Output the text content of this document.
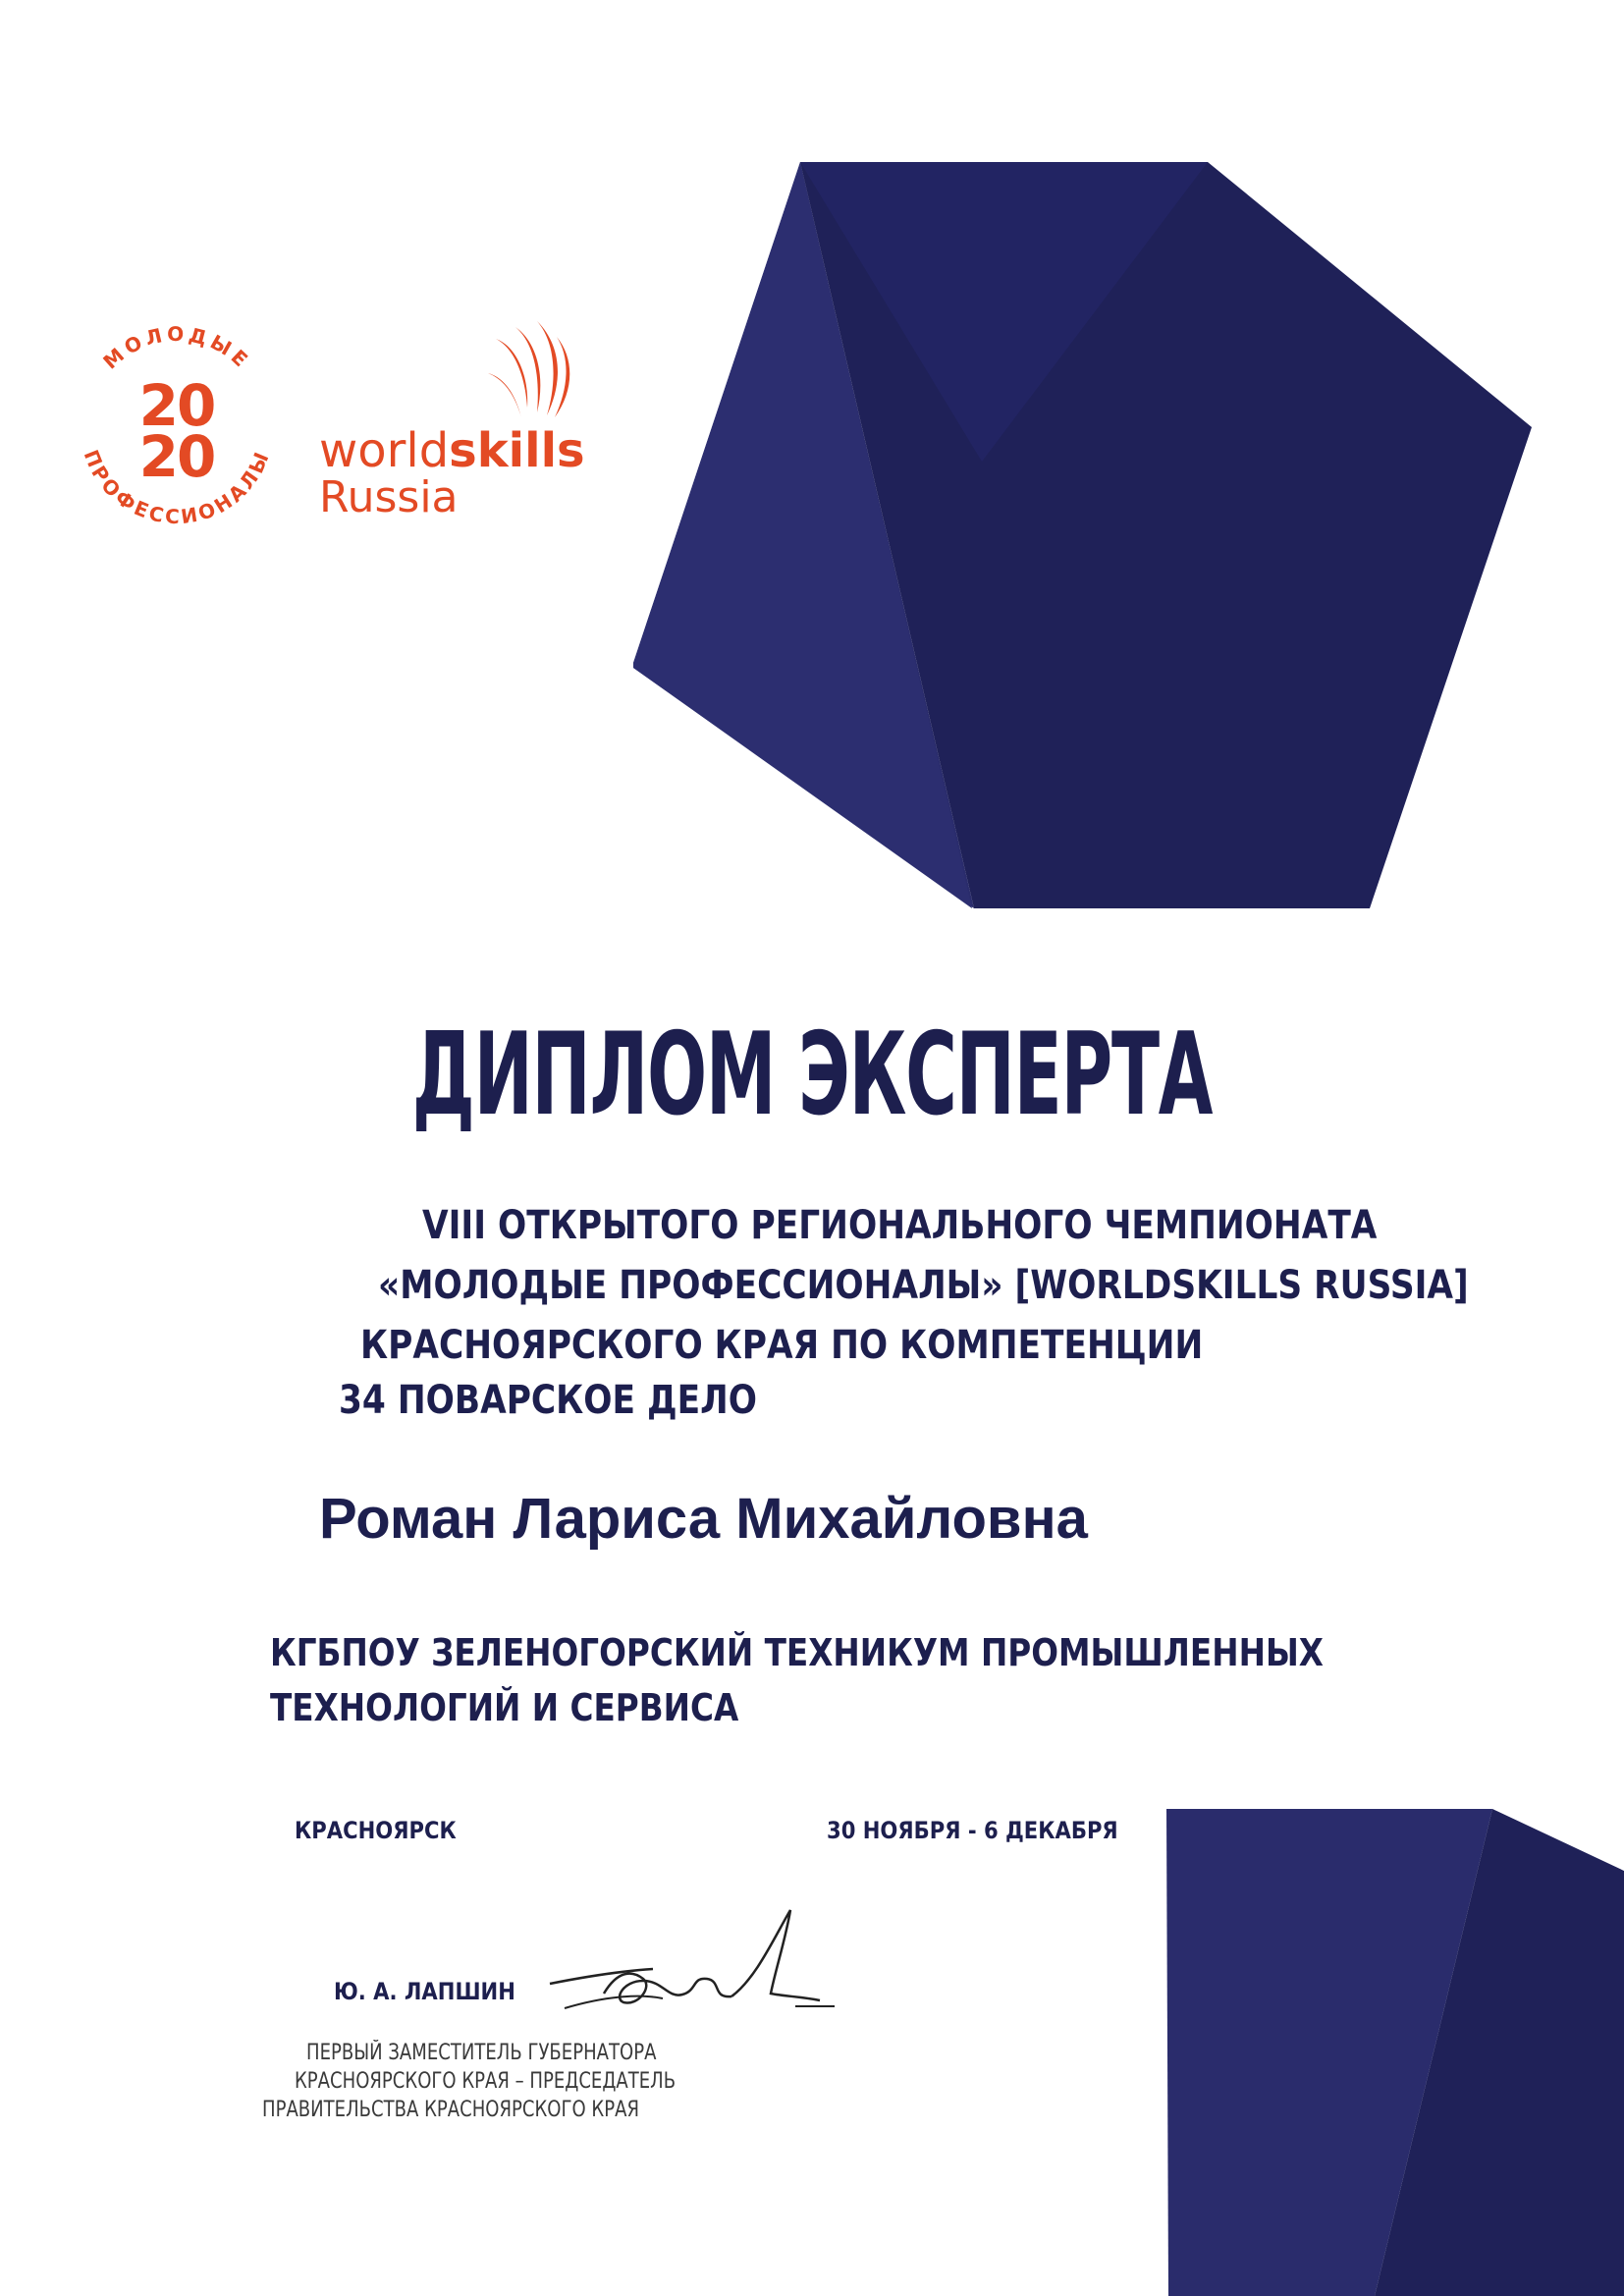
МОЛОДЫЕ
ПРОФЕССИОНАЛЫ
20
20 worldskills
Russia
ДИПЛОМ ЭКСПЕРТА
VIII ОТКРЫТОГО РЕГИОНАЛЬНОГО ЧЕМПИОНАТА
«МОЛОДЫЕ ПРОФЕССИОНАЛЫ» [WORLDSKILLS RUSSIA]
КРАСНОЯРСКОГО КРАЯ ПО КОМПЕТЕНЦИИ
34 ПОВАРСКОЕ ДЕЛО
Роман Лариса Михайловна
КГБПОУ ЗЕЛЕНОГОРСКИЙ ТЕХНИКУМ ПРОМЫШЛЕННЫХ
ТЕХНОЛОГИЙ И СЕРВИСА
КРАСНОЯРСК	30 НОЯБРЯ - 6 ДЕКАБРЯ
Ю. А. ЛАПШИН
ПЕРВЫЙ ЗАМЕСТИТЕЛЬ ГУБЕРНАТОРА
КРАСНОЯРСКОГО КРАЯ – ПРЕДСЕДАТЕЛЬ
ПРАВИТЕЛЬСТВА КРАСНОЯРСКОГО КРАЯ
